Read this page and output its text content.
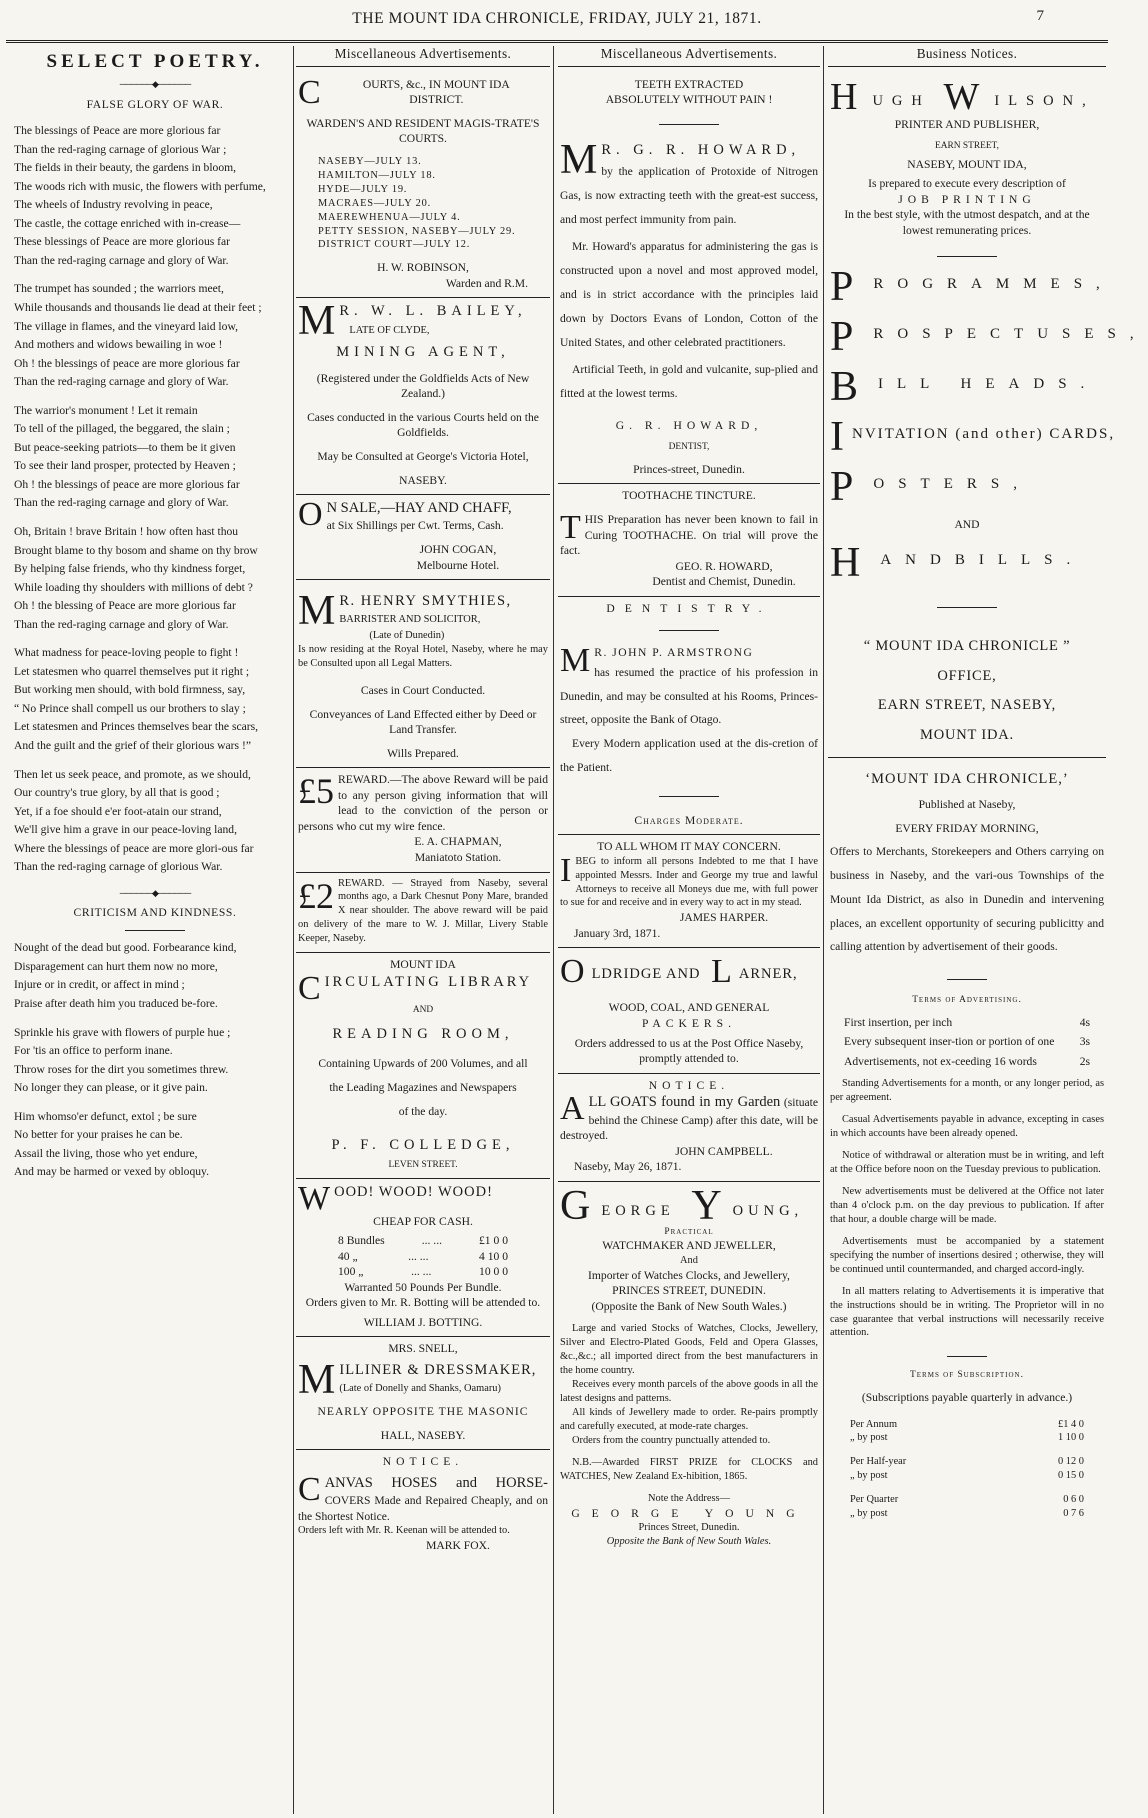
THE MOUNT IDA CHRONICLE, FRIDAY, JULY 21, 1871.	7
SELECT POETRY.
──────◆──────
FALSE GLORY OF WAR.
The blessings of Peace are more glorious far
Than the red-raging carnage of glorious War ;
The fields in their beauty, the gardens in bloom,
The woods rich with music, the flowers with perfume,
The wheels of Industry revolving in peace,
The castle, the cottage enriched with in-crease—
These blessings of Peace are more glorious far
Than the red-raging carnage and glory of War.
The trumpet has sounded ; the warriors meet,
While thousands and thousands lie dead at their feet ;
The village in flames, and the vineyard laid low,
And mothers and widows bewailing in woe !
Oh ! the blessings of peace are more glorious far
Than the red-raging carnage and glory of War.
The warrior's monument ! Let it remain
To tell of the pillaged, the beggared, the slain ;
But peace-seeking patriots—to them be it given
To see their land prosper, protected by Heaven ;
Oh ! the blessings of peace are more glorious far
Than the red-raging carnage and glory of War.
Oh, Britain ! brave Britain ! how often hast thou
Brought blame to thy bosom and shame on thy brow
By helping false friends, who thy kindness forget,
While loading thy shoulders with millions of debt ?
Oh ! the blessing of Peace are more glorious far
Than the red-raging carnage and glory of War.
What madness for peace-loving people to fight !
Let statesmen who quarrel themselves put it right ;
But working men should, with bold firmness, say,
“ No Prince shall compell us our brothers to slay ;
Let statesmen and Princes themselves bear the scars,
And the guilt and the grief of their glorious wars !”
Then let us seek peace, and promote, as we should,
Our country's true glory, by all that is good ;
Yet, if a foe should e'er foot-atain our strand,
We'll give him a grave in our peace-loving land,
Where the blessings of peace are more glori-ous far
Than the red-raging carnage of glorious War.
──────◆──────
CRITICISM AND KINDNESS.
Nought of the dead but good. Forbearance kind,
Disparagement can hurt them now no more,
Injure or in credit, or affect in mind ;
Praise after death him you traduced be-fore.
Sprinkle his grave with flowers of purple hue ;
For 'tis an office to perform inane.
Throw roses for the dirt you sometimes threw.
No longer they can please, or it give pain.
Him whomso'er defunct, extol ; be sure
No better for your praises he can be.
Assail the living, those who yet endure,
And may be harmed or vexed by obloquy.
Miscellaneous Advertisements.
C	OURTS, &c., IN MOUNT IDA
DISTRICT.
WARDEN'S AND RESIDENT MAGIS-TRATE'S COURTS.
NASEBY—JULY 13.
HAMILTON—JULY 18.
HYDE—JULY 19.
MACRAES—JULY 20.
MAEREWHENUA—JULY 4.
PETTY SESSION, NASEBY—JULY 29.
DISTRICT COURT—JULY 12.
H. W. ROBINSON,
Warden and R.M.
M R. W. L. BAILEY,
LATE OF CLYDE,
MINING AGENT,
(Registered under the Goldfields Acts of New Zealand.)
Cases conducted in the various Courts held on the Goldfields.
May be Consulted at George's Victoria Hotel,
NASEBY.
O N SALE,—HAY AND CHAFF,
at Six Shillings per Cwt. Terms, Cash.
JOHN COGAN,
Melbourne Hotel.
M R. HENRY SMYTHIES,
BARRISTER AND SOLICITOR,
(Late of Dunedin)
Is now residing at the Royal Hotel, Naseby, where he may be Consulted upon all Legal Matters.
Cases in Court Conducted.
Conveyances of Land Effected either by Deed or Land Transfer.
Wills Prepared.
£5 REWARD.—The above Reward will be paid to any person giving information that will lead to the conviction of the person or persons who cut my wire fence.
E. A. CHAPMAN,
Maniatoto Station.
£2 REWARD. — Strayed from Naseby, several months ago, a Dark Chesnut Pony Mare, branded X near shoulder. The above reward will be paid on delivery of the mare to W. J. Millar, Livery Stable Keeper, Naseby.
MOUNT IDA
CIRCULATING LIBRARY
AND
READING ROOM,
Containing Upwards of 200 Volumes, and all
the Leading Magazines and Newspapers
of the day.
P. F. COLLEDGE,
LEVEN STREET.
WOOD! WOOD! WOOD!
CHEAP FOR CASH.
8 Bundles	... ...	£1 0 0
40 „	... ...	4 10 0
100 „	... ...	10 0 0
Warranted 50 Pounds Per Bundle.
Orders given to Mr. R. Botting will be attended to.
WILLIAM J. BOTTING.
MRS. SNELL,
MILLINER & DRESSMAKER,
(Late of Donelly and Shanks, Oamaru)
NEARLY OPPOSITE THE MASONIC
HALL, NASEBY.
NOTICE.
CANVAS HOSES and HORSE- COVERS Made and Repaired Cheaply, and on the Shortest Notice.
Orders left with Mr. R. Keenan will be attended to.
MARK FOX.
Miscellaneous Advertisements.
TEETH EXTRACTED
ABSOLUTELY WITHOUT PAIN !
M R. G. R. HOWARD,
by the application of Protoxide of Nitrogen Gas, is now extracting teeth with the great-est success, and most perfect immunity from pain.
Mr. Howard's apparatus for administering the gas is constructed upon a novel and most approved model, and is in strict accordance with the principles laid down by Doctors Evans of London, Cotton of the United States, and other celebrated practitioners.
Artificial Teeth, in gold and vulcanite, sup-plied and fitted at the lowest terms.
G. R. HOWARD,
DENTIST,
Princes-street, Dunedin.
TOOTHACHE TINCTURE.
THIS Preparation has never been known to fail in Curing TOOTHACHE. On trial will prove the fact.
GEO. R. HOWARD,
Dentist and Chemist, Dunedin.
DENTISTRY.
M R. JOHN P. ARMSTRONG
has resumed the practice of his profession in Dunedin, and may be consulted at his Rooms, Princes-street, opposite the Bank of Otago.
Every Modern application used at the dis-cretion of the Patient.
Charges Moderate.
TO ALL WHOM IT MAY CONCERN.
IBEG to inform all persons Indebted to me that I have appointed Messrs. Inder and George my true and lawful Attorneys to receive all Moneys due me, with full power to sue for and receive and in every way to act in my stead.
JAMES HARPER.
January 3rd, 1871.
OLDRIDGE AND L ARNER,
WOOD, COAL, AND GENERAL
PACKERS.
Orders addressed to us at the Post Office Naseby, promptly attended to.
NOTICE.
ALL GOATS found in my Garden (situate behind the Chinese Camp) after this date, will be destroyed.
JOHN CAMPBELL.
Naseby, May 26, 1871.
GEORGE Y OUNG,
Practical
WATCHMAKER AND JEWELLER,
And
Importer of Watches Clocks, and Jewellery,
PRINCES STREET, DUNEDIN.
(Opposite the Bank of New South Wales.)
Large and varied Stocks of Watches, Clocks, Jewellery, Silver and Electro-Plated Goods, Feld and Opera Glasses, &c.,&c.; all imported direct from the best manufacturers in the home country.
Receives every month parcels of the above goods in all the latest designs and patterns.
All kinds of Jewellery made to order. Re-pairs promptly and carefully executed, at mode-rate charges.
Orders from the country punctually attended to.
N.B.—Awarded FIRST PRIZE for CLOCKS and WATCHES, New Zealand Ex-hibition, 1865.
Note the Address—
GEORGE YOUNG
Princes Street, Dunedin.
Opposite the Bank of New South Wales.
Business Notices.
HUGH W ILSON,
PRINTER AND PUBLISHER,
EARN STREET,
NASEBY, MOUNT IDA,
Is prepared to execute every description of
JOB PRINTING
In the best style, with the utmost despatch, and at the lowest remunerating prices.
PROGRAMMES,
PROSPECTUSES,
BILL HEADS.
INVITATION (and other) CARDS,
POSTERS,
AND
HANDBILLS.
“ MOUNT IDA CHRONICLE ”
OFFICE,
EARN STREET, NASEBY,
MOUNT IDA.
‘MOUNT IDA CHRONICLE,’
Published at Naseby,
EVERY FRIDAY MORNING,
Offers to Merchants, Storekeepers and Others carrying on business in Naseby, and the vari-ous Townships of the Mount Ida District, as also in Dunedin and intervening places, an excellent opportunity of securing publicitty and calling attention by advertisement of their goods.
Terms of Advertising.
First insertion, per inch	4s
Every subsequent inser-tion or portion of one 3s
Advertisements, not ex-ceeding 16 words	2s
Standing Advertisements for a month, or any longer period, as per agreement.
Casual Advertisements payable in advance, excepting in cases in which accounts have been already opened.
Notice of withdrawal or alteration must be in writing, and left at the Office before noon on the Tuesday previous to publication.
New advertisements must be delivered at the Office not later than 4 o'clock p.m. on the day previous to publication. If after that hour, a double charge will be made.
Advertisements must be accompanied by a statement specifying the number of insertions desired ; otherwise, they will be continued until countermanded, and charged accord-ingly.
In all matters relating to Advertisements it is imperative that the instructions should be in writing. The Proprietor will in no case guarantee that verbal instructions will necessarily receive attention.
Terms of Subscription.
(Subscriptions payable quarterly in advance.)
Per Annum	£1 4 0
„ by post	1 10 0
Per Half-year	0 12 0
„ by post	0 15 0
Per Quarter	0 6 0
„ by post	0 7 6
